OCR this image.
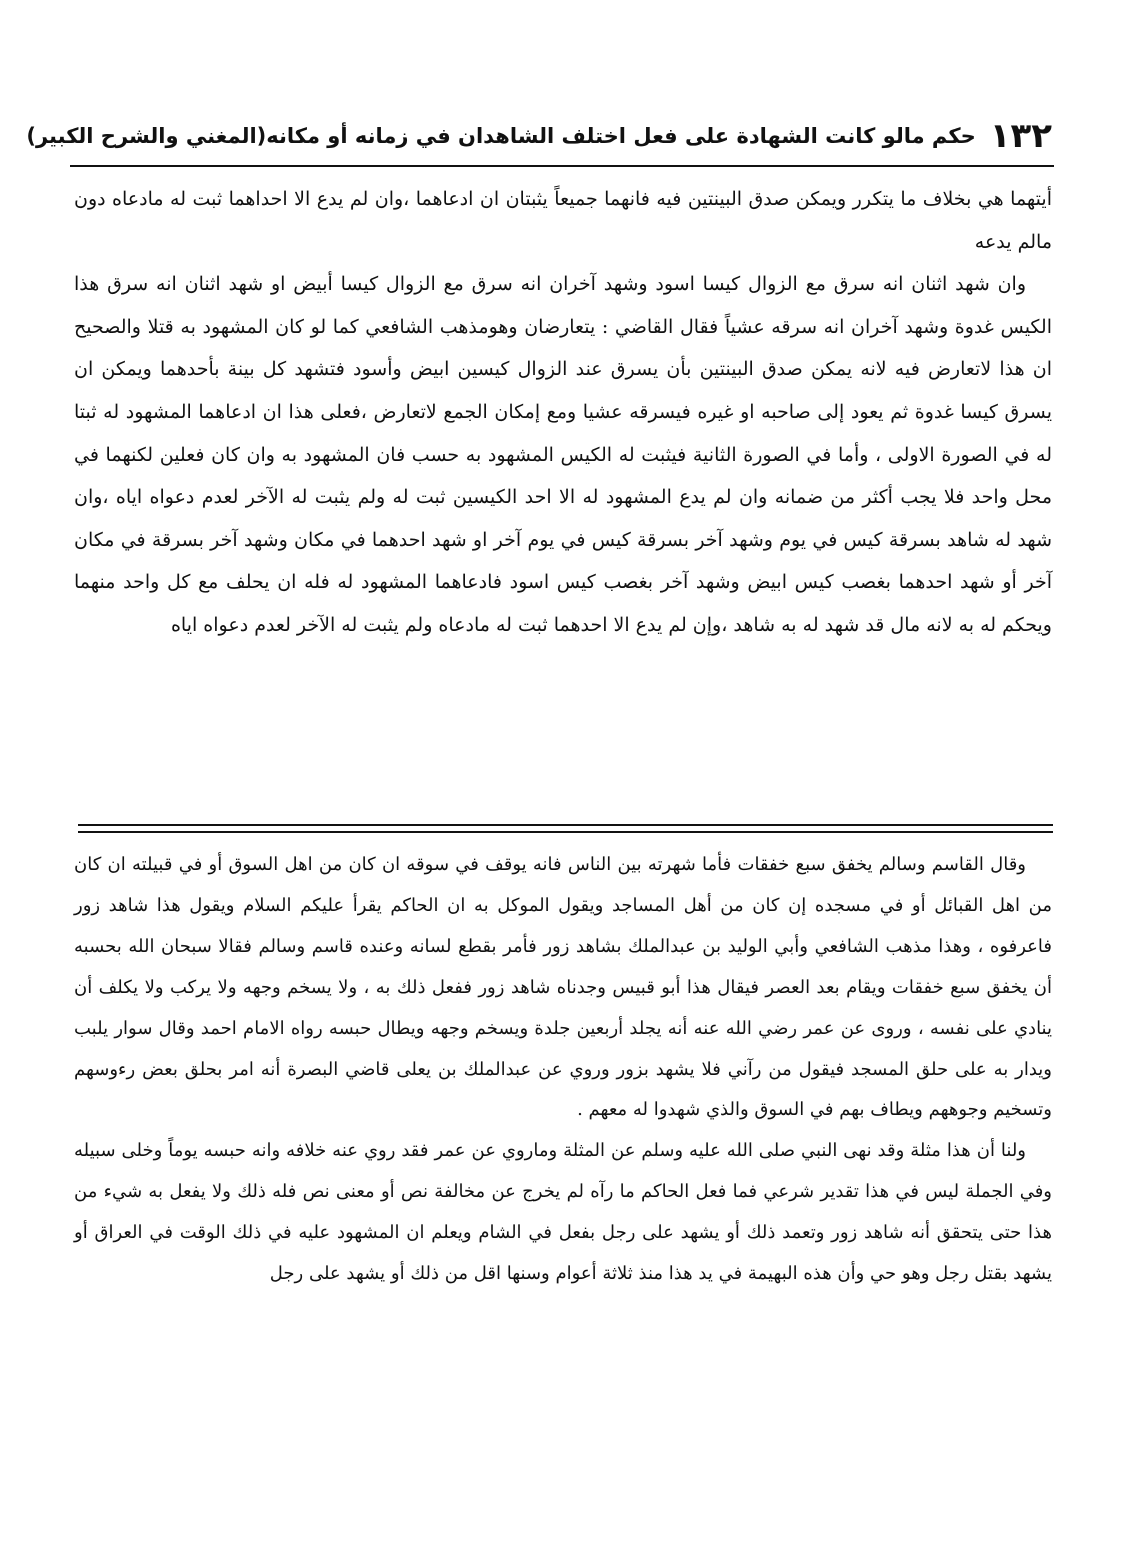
١٣٢
حكم مالو كانت الشهادة على فعل اختلف الشاهدان في زمانه أو مكانه
(المغني والشرح الكبير)

أيتهما هي بخلاف ما يتكرر ويمكن صدق البينتين فيه فانهما جميعاً يثبتان ان ادعاهما ،وان لم يدع الا احداهما ثبت له مادعاه دون مالم يدعه

وان شهد اثنان انه سرق مع الزوال كيسا اسود وشهد آخران انه سرق مع الزوال كيسا أبيض او شهد اثنان انه سرق هذا الكيس غدوة وشهد آخران انه سرقه عشياً فقال القاضي : يتعارضان وهومذهب الشافعي كما لو كان المشهود به قتلا والصحيح ان هذا لاتعارض فيه لانه يمكن صدق البينتين بأن يسرق عند الزوال كيسين ابيض وأسود فتشهد كل بينة بأحدهما ويمكن ان يسرق كيسا غدوة ثم يعود إلى صاحبه او غيره فيسرقه عشيا ومع إمكان الجمع لاتعارض ،فعلى هذا ان ادعاهما المشهود له ثبتا له في الصورة الاولى ، وأما في الصورة الثانية فيثبت له الكيس المشهود به حسب فان المشهود به وان كان فعلين لكنهما في محل واحد فلا يجب أكثر من ضمانه وان لم يدع المشهود له الا احد الكيسين ثبت له ولم يثبت له الآخر لعدم دعواه اياه ،وان شهد له شاهد بسرقة كيس في يوم وشهد آخر بسرقة كيس في يوم آخر او شهد احدهما في مكان وشهد آخر بسرقة في مكان آخر أو شهد احدهما بغصب كيس ابيض وشهد آخر بغصب كيس اسود فادعاهما المشهود له فله ان يحلف مع كل واحد منهما ويحكم له به لانه مال قد شهد له به شاهد ،وإن لم يدع الا احدهما ثبت له مادعاه ولم يثبت له الآخر لعدم دعواه اياه

وقال القاسم وسالم يخفق سبع خفقات فأما شهرته بين الناس فانه يوقف في سوقه ان كان من اهل السوق أو في قبيلته ان كان من اهل القبائل أو في مسجده إن كان من أهل المساجد ويقول الموكل به ان الحاكم يقرأ عليكم السلام ويقول هذا شاهد زور فاعرفوه ، وهذا مذهب الشافعي وأبي الوليد بن عبدالملك بشاهد زور فأمر بقطع لسانه وعنده قاسم وسالم فقالا سبحان الله بحسبه أن يخفق سبع خفقات ويقام بعد العصر فيقال هذا أبو قبيس وجدناه شاهد زور ففعل ذلك به ، ولا يسخم وجهه ولا يركب ولا يكلف أن ينادي على نفسه ، وروى عن عمر رضي الله عنه أنه يجلد أربعين جلدة ويسخم وجهه ويطال حبسه رواه الامام احمد وقال سوار يلبب ويدار به على حلق المسجد فيقول من رآني فلا يشهد بزور وروي عن عبدالملك بن يعلى قاضي البصرة أنه امر بحلق بعض رءوسهم وتسخيم وجوههم ويطاف بهم في السوق والذي شهدوا له معهم .

ولنا أن هذا مثلة وقد نهى النبي صلى الله عليه وسلم عن المثلة وماروي عن عمر فقد روي عنه خلافه وانه حبسه يوماً وخلى سبيله وفي الجملة ليس في هذا تقدير شرعي فما فعل الحاكم ما رآه لم يخرج عن مخالفة نص أو معنى نص فله ذلك ولا يفعل به شيء من هذا حتى يتحقق أنه شاهد زور وتعمد ذلك أو يشهد على رجل بفعل في الشام ويعلم ان المشهود عليه في ذلك الوقت في العراق أو يشهد بقتل رجل وهو حي وأن هذه البهيمة في يد هذا منذ ثلاثة أعوام وسنها اقل من ذلك أو يشهد على رجل
